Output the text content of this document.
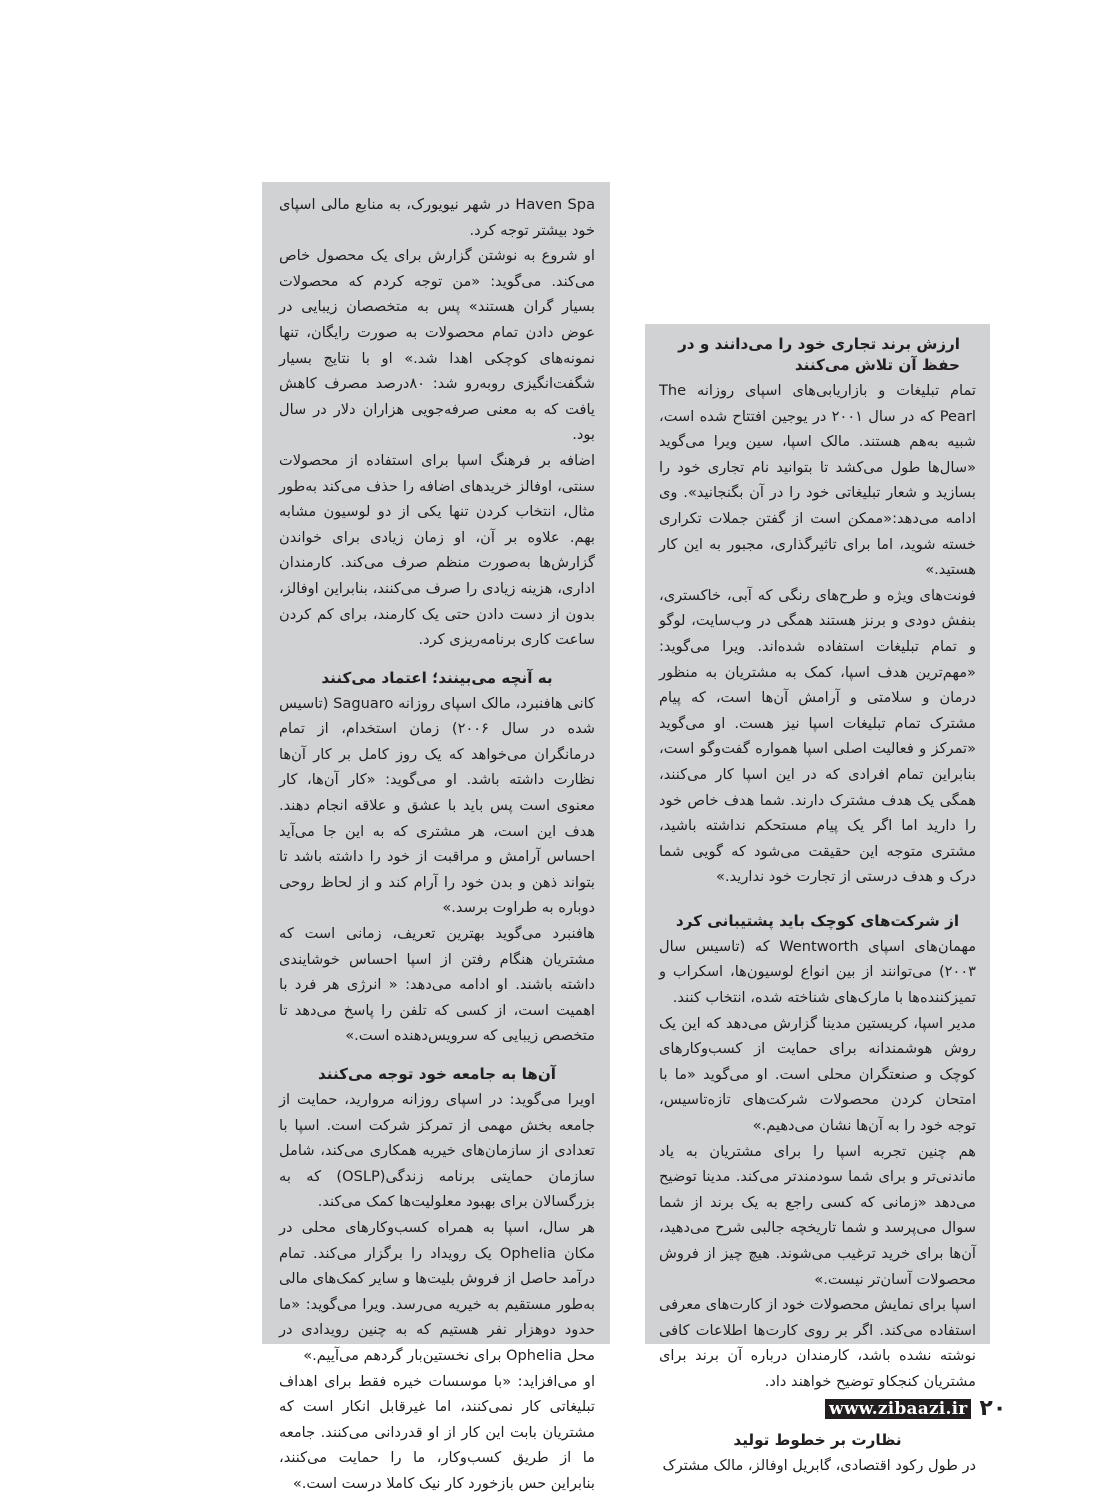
Haven Spa در شهر نیویورک، به منابع مالی اسپای خود بیشتر توجه کرد.

او شروع به نوشتن گزارش برای یک محصول خاص می‌کند. می‌گوید: «من توجه کردم که محصولات بسیار گران هستند» پس به متخصصان زیبایی در عوض دادن تمام محصولات به صورت رایگان، تنها نمونه‌های کوچکی اهدا شد.» او با نتایج بسیار شگفت‌انگیزی روبه‌رو شد: ۸۰درصد مصرف کاهش یافت که به معنی صرفه‌جویی هزاران دلار در سال بود.

اضافه بر فرهنگ اسپا برای استفاده از محصولات سنتی، اوفالز خریدهای اضافه را حذف می‌کند به‌طور مثال، انتخاب کردن تنها یکی از دو لوسیون مشابه بهم. علاوه بر آن، او زمان زیادی برای خواندن گزارش‌ها به‌صورت منظم صرف می‌کند. کارمندان اداری، هزینه زیادی را صرف می‌کنند، بنابراین اوفالز، بدون از دست دادن حتی یک کارمند، برای کم کردن ساعت کاری برنامه‌ریزی کرد.

به آنچه می‌بینند؛ اعتماد می‌کنند

کانی هافنبرد، مالک اسپای روزانه Saguaro (تاسیس شده در سال ۲۰۰۶) زمان استخدام، از تمام درمانگران می‌خواهد که یک روز کامل بر کار آن‌ها نظارت داشته باشد. او می‌گوید: «کار آن‌ها، کار معنوی است پس باید با عشق و علاقه انجام دهند. هدف این است، هر مشتری که به این جا می‌آید احساس آرامش و مراقبت از خود را داشته باشد تا بتواند ذهن و بدن خود را آرام کند و از لحاظ روحی دوباره به طراوت برسد.»

هافنبرد می‌گوید بهترین تعریف، زمانی است که مشتریان هنگام رفتن از اسپا احساس خوشایندی داشته باشند. او ادامه می‌دهد: « انرژی هر فرد با اهمیت است، از کسی که تلفن را پاسخ می‌دهد تا متخصص زیبایی که سرویس‌دهنده است.»

آن‌ها به جامعه خود توجه می‌کنند

اویرا می‌گوید: در اسپای روزانه مروارید، حمایت از جامعه بخش مهمی از تمرکز شرکت است. اسپا با تعدادی از سازمان‌های خیریه همکاری می‌کند، شامل سازمان حمایتی برنامه زندگی(OSLP) که به بزرگسالان برای بهبود معلولیت‌ها کمک می‌کند.

هر سال، اسپا به همراه کسب‌وکارهای محلی در مکان Ophelia یک رویداد را برگزار می‌کند. تمام درآمد حاصل از فروش بلیت‌ها و سایر کمک‌های مالی به‌طور مستقیم به خیریه می‌رسد. ویرا می‌گوید: «ما حدود دوهزار نفر هستیم که به چنین رویدادی در محل Ophelia برای نخستین‌بار گردهم می‌آییم.»

او می‌افزاید: «با موسسات خیره فقط برای اهداف تبلیغاتی کار نمی‌کنند، اما غیرقابل انکار است که مشتریان بابت این کار از او قدردانی می‌کنند. جامعه ما از طریق کسب‌وکار، ما را حمایت می‌کنند، بنابراین حس بازخورد کار نیک کاملا درست است.»

ارزش برند تجاری خود را می‌دانند و در حفظ آن تلاش می‌کنند

تمام تبلیغات و بازاریابی‌های اسپای روزانه The Pearl که در سال ۲۰۰۱ در یوجین افتتاح شده است، شبیه به‌هم هستند. مالک اسپا، سین ویرا می‌گوید «سال‌ها طول می‌کشد تا بتوانید نام تجاری خود را بسازید و شعار تبلیغاتی خود را در آن بگنجانید». وی ادامه می‌دهد:«ممکن است از گفتن جملات تکراری خسته شوید، اما برای تاثیرگذاری، مجبور به این کار هستید.»

فونت‌های ویژه و طرح‌های رنگی که آبی، خاکستری، بنفش دودی و برنز هستند همگی در وب‌سایت، لوگو و تمام تبلیغات استفاده شده‌اند. ویرا می‌گوید: «مهم‌ترین هدف اسپا، کمک به مشتریان به منظور درمان و سلامتی و آرامش آن‌ها است، که پیام مشترک تمام تبلیغات اسپا نیز هست. او می‌گوید «تمرکز و فعالیت اصلی اسپا همواره گفت‌وگو است، بنابراین تمام افرادی که در این اسپا کار می‌کنند، همگی یک هدف مشترک دارند. شما هدف خاص خود را دارید اما اگر یک پیام مستحکم نداشته باشید، مشتری متوجه این حقیقت می‌شود که گویی شما درک و هدف درستی از تجارت خود ندارید.»

از شرکت‌های کوچک باید پشتیبانی کرد

مهمان‌های اسپای Wentworth که (تاسیس سال ۲۰۰۳) می‌توانند از بین انواع لوسیون‌ها، اسکراب و تمیزکننده‌ها با مارک‌های شناخته شده، انتخاب کنند.

مدیر اسپا، کریستین مدینا گزارش می‌دهد که این یک روش هوشمندانه برای حمایت از کسب‌وکارهای کوچک و صنعتگران محلی است. او می‌گوید «ما با امتحان کردن محصولات شرکت‌های تازه‌تاسیس، توجه خود را به آن‌ها نشان می‌دهیم.»

هم چنین تجربه اسپا را برای مشتریان به یاد ماندنی‌تر و برای شما سودمندتر می‌کند. مدینا توضیح می‌دهد «زمانی که کسی راجع به یک برند از شما سوال می‌پرسد و شما تاریخچه جالبی شرح می‌دهید، آن‌ها برای خرید ترغیب می‌شوند. هیچ چیز از فروش محصولات آسان‌تر نیست.»

اسپا برای نمایش محصولات خود از کارت‌های معرفی استفاده می‌کند. اگر بر روی کارت‌ها اطلاعات کافی نوشته نشده باشد، کارمندان درباره آن برند برای مشتریان کنجکاو توضیح خواهند داد.

نظارت بر خطوط تولید

در طول رکود اقتصادی، گابریل اوفالز، مالک مشترک

www.zibaazi.ir ۲۰
